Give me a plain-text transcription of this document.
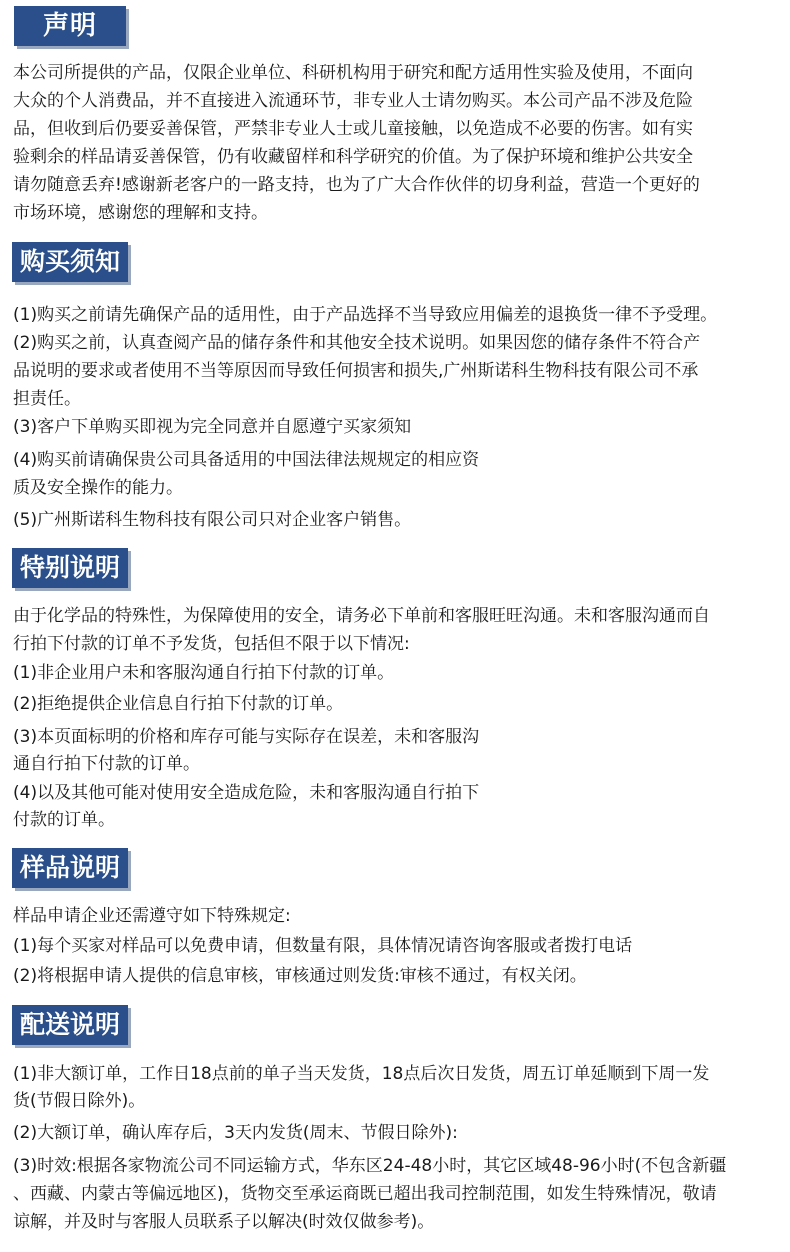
声明
本公司所提供的产品，仅限企业单位、科研机构用于研究和配方适用性实验及使用，不面向
大众的个人消费品，并不直接进入流通环节，非专业人士请勿购买。本公司产品不涉及危险
品，但收到后仍要妥善保管，严禁非专业人士或儿童接触，以免造成不必要的伤害。如有实
验剩余的样品请妥善保管，仍有收藏留样和科学研究的价值。为了保护环境和维护公共安全
请勿随意丢弃!感谢新老客户的一路支持，也为了广大合作伙伴的切身利益，营造一个更好的
市场环境，感谢您的理解和支持。
购买须知
(1)购买之前请先确保产品的适用性，由于产品选择不当导致应用偏差的退换货一律不予受理。
(2)购买之前，认真查阅产品的储存条件和其他安全技术说明。如果因您的储存条件不符合产
品说明的要求或者使用不当等原因而导致任何损害和损失,广州斯诺科生物科技有限公司不承
担责任。
(3)客户下单购买即视为完全同意并自愿遵宁买家须知
(4)购买前请确保贵公司具备适用的中国法律法规规定的相应资
质及安全操作的能力。
(5)广州斯诺科生物科技有限公司只对企业客户销售。
特别说明
由于化学品的特殊性，为保障使用的安全，请务必下单前和客服旺旺沟通。未和客服沟通而自
行拍下付款的订单不予发货，包括但不限于以下情况:
(1)非企业用户未和客服沟通自行拍下付款的订单。
(2)拒绝提供企业信息自行拍下付款的订单。
(3)本页面标明的价格和库存可能与实际存在误差，未和客服沟
通自行拍下付款的订单。
(4)以及其他可能对使用安全造成危险，未和客服沟通自行拍下
付款的订单。
样品说明
样品申请企业还需遵守如下特殊规定:
(1)每个买家对样品可以免费申请，但数量有限，具体情况请咨询客服或者拨打电话
(2)将根据申请人提供的信息审核，审核通过则发货:审核不通过，有权关闭。
配送说明
(1)非大额订单，工作日18点前的单子当天发货，18点后次日发货，周五订单延顺到下周一发
货(节假日除外)。
(2)大额订单，确认库存后，3天内发货(周末、节假日除外):
(3)时效:根据各家物流公司不同运输方式，华东区24-48小时，其它区域48-96小时(不包含新疆
、西藏、内蒙古等偏远地区)，货物交至承运商既已超出我司控制范围，如发生特殊情况，敬请
谅解，并及时与客服人员联系子以解决(时效仅做参考)。
